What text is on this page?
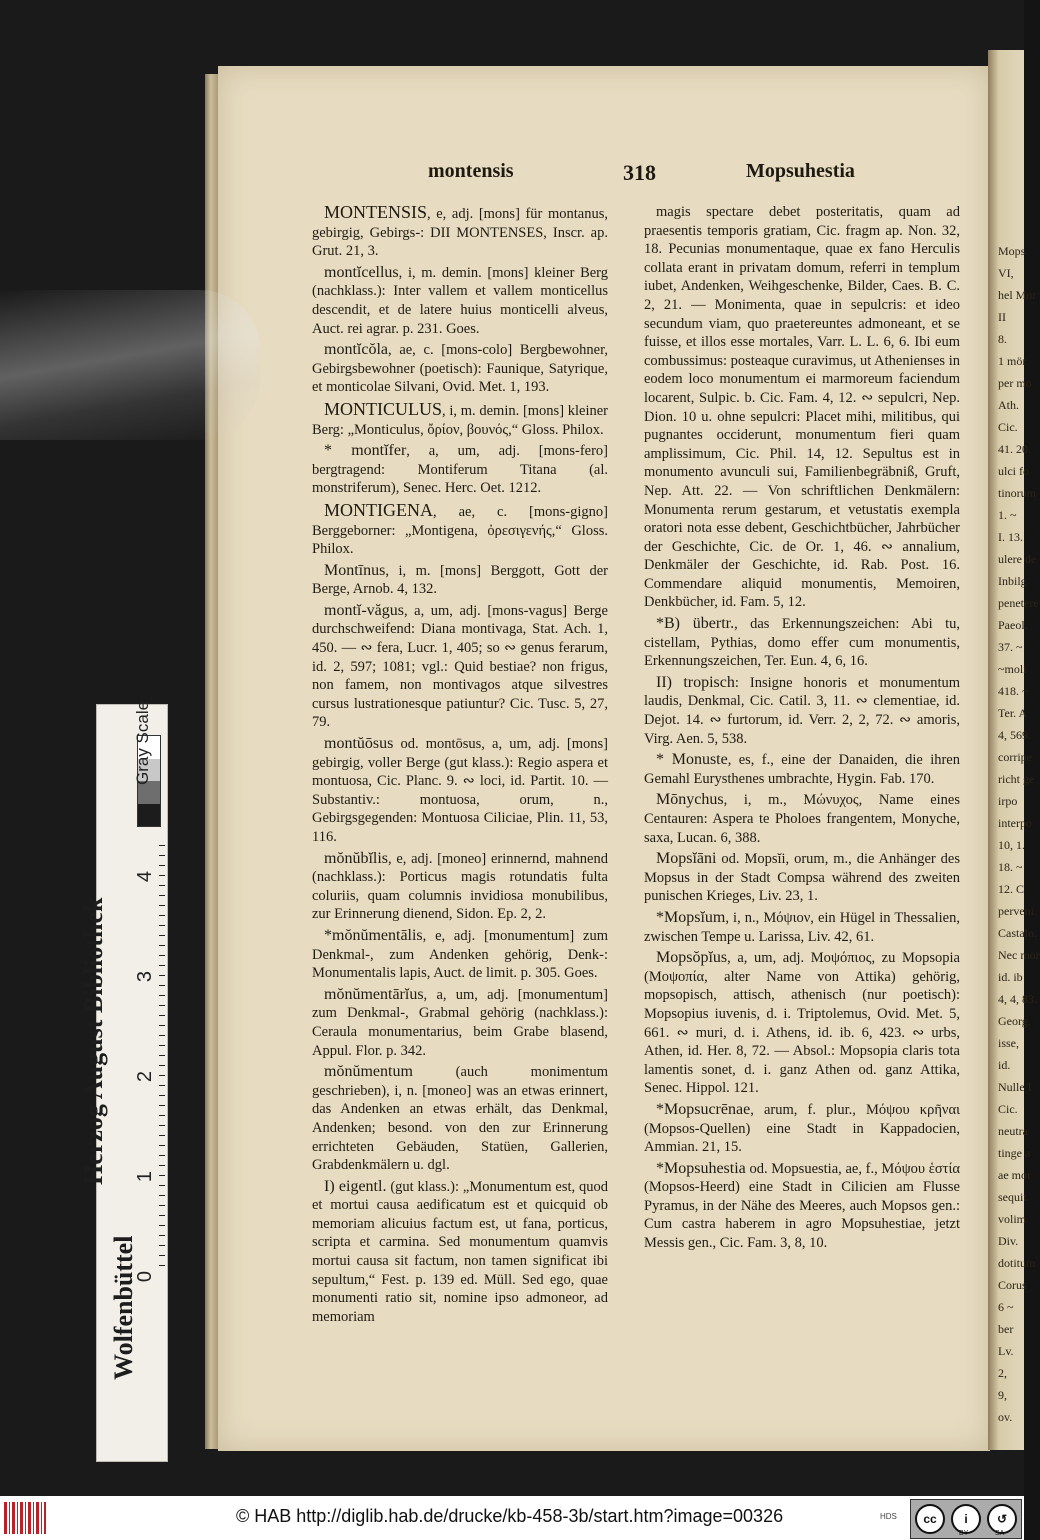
Mops
VI,
hel Mor
II
8.
1 mör
per mo
Ath.
Cic.
41. 20.
ulci fo
tinorum
1. ~
I. 13.
ulere de
Inbilg
penetere
Paeol.
37. ~
~moli
418. ~
Ter. A
4, 569.
corripe
richt ge
irpo
interpo
10, 1.
18. ~
12. C
perveni
Castalo.
Nec mor
id. ib
4, 4, 83.
Georg.
isse,
id.
Nulle I
Cic.
neutra
tinge a
ae mor
sequit.
volim
Div.
dotitum
Corus
6 ~
ber
Lv.
2,
9,
ov.
montensis	318	Mopsuhestia

MONTENSIS, e, adj. [mons] für montanus, gebirgig, Gebirgs-: DII MONTENSES, Inscr. ap. Grut. 21, 3.

montĭcellus, i, m. demin. [mons] kleiner Berg (nachklass.): Inter vallem et vallem monticellus descendit, et de latere huius monticelli alveus, Auct. rei agrar. p. 231. Goes.

montĭcŏla, ae, c. [mons-colo] Bergbewohner, Gebirgsbewohner (poetisch): Faunique, Satyrique, et monticolae Silvani, Ovid. Met. 1, 193.

MONTICULUS, i, m. demin. [mons] kleiner Berg: „Monticulus, ὄρίον, βουνός,“ Gloss. Philox.

* montĭfer, a, um, adj. [mons-fero] bergtragend: Montiferum Titana (al. monstriferum), Senec. Herc. Oet. 1212.

MONTIGENA, ae, c. [mons-gigno] Berggeborner: „Montigena, ὀρεσιγενής,“ Gloss. Philox.

Montīnus, i, m. [mons] Berggott, Gott der Berge, Arnob. 4, 132.

montĭ-văgus, a, um, adj. [mons-vagus] Berge durchschweifend: Diana montivaga, Stat. Ach. 1, 450. — ∾ fera, Lucr. 1, 405; so ∾ genus ferarum, id. 2, 597; 1081; vgl.: Quid bestiae? non frigus, non famem, non montivagos atque silvestres cursus lustrationesque patiuntur? Cic. Tusc. 5, 27, 79.

montŭōsus od. montōsus, a, um, adj. [mons] gebirgig, voller Berge (gut klass.): Regio aspera et montuosa, Cic. Planc. 9. ∾ loci, id. Partit. 10. — Substantiv.: montuosa, orum, n., Gebirgsgegenden: Montuosa Ciliciae, Plin. 11, 53, 116.

mŏnŭbĭlis, e, adj. [moneo] erinnernd, mahnend (nachklass.): Porticus magis rotundatis fulta coluriis, quam columnis invidiosa monubilibus, zur Erinnerung dienend, Sidon. Ep. 2, 2.

*mŏnŭmentālis, e, adj. [monumentum] zum Denkmal-, zum Andenken gehörig, Denk-: Monumentalis lapis, Auct. de limit. p. 305. Goes.

mŏnŭmentārĭus, a, um, adj. [monumentum] zum Denkmal-, Grabmal gehörig (nachklass.): Ceraula monumentarius, beim Grabe blasend, Appul. Flor. p. 342.

mŏnŭmentum (auch monimentum geschrieben), i, n. [moneo] was an etwas erinnert, das Andenken an etwas erhält, das Denkmal, Andenken; besond. von den zur Erinnerung errichteten Gebäuden, Statüen, Gallerien, Grabdenkmälern u. dgl.

I) eigentl. (gut klass.): „Monumentum est, quod et mortui causa aedificatum est et quicquid ob memoriam alicuius factum est, ut fana, porticus, scripta et carmina. Sed monumentum quamvis mortui causa sit factum, non tamen significat ibi sepultum,“ Fest. p. 139 ed. Müll. Sed ego, quae monumenti ratio sit, nomine ipso admoneor, ad memoriam

magis spectare debet posteritatis, quam ad praesentis temporis gratiam, Cic. fragm ap. Non. 32, 18. Pecunias monumentaque, quae ex fano Herculis collata erant in privatam domum, referri in templum iubet, Andenken, Weihgeschenke, Bilder, Caes. B. C. 2, 21. — Monimenta, quae in sepulcris: et ideo secundum viam, quo praetereuntes admoneant, et se fuisse, et illos esse mortales, Varr. L. L. 6, 6. Ibi eum combussimus: posteaque curavimus, ut Athenienses in eodem loco monumentum ei marmoreum faciendum locarent, Sulpic. b. Cic. Fam. 4, 12. ∾ sepulcri, Nep. Dion. 10 u. ohne sepulcri: Placet mihi, militibus, qui pugnantes occiderunt, monumentum fieri quam amplissimum, Cic. Phil. 14, 12. Sepultus est in monumento avunculi sui, Familienbegräbniß, Gruft, Nep. Att. 22. — Von schriftlichen Denkmälern: Monumenta rerum gestarum, et vetustatis exempla oratori nota esse debent, Geschichtbücher, Jahrbücher der Geschichte, Cic. de Or. 1, 46. ∾ annalium, Denkmäler der Geschichte, id. Rab. Post. 16. Commendare aliquid monumentis, Memoiren, Denkbücher, id. Fam. 5, 12.

*B) übertr., das Erkennungszeichen: Abi tu, cistellam, Pythias, domo effer cum monumentis, Erkennungszeichen, Ter. Eun. 4, 6, 16.

II) tropisch: Insigne honoris et monumentum laudis, Denkmal, Cic. Catil. 3, 11. ∾ clementiae, id. Dejot. 14. ∾ furtorum, id. Verr. 2, 2, 72. ∾ amoris, Virg. Aen. 5, 538.

* Monuste, es, f., eine der Danaiden, die ihren Gemahl Eurysthenes umbrachte, Hygin. Fab. 170.

Mōnychus, i, m., Μώνυχος, Name eines Centauren: Aspera te Pholoes frangentem, Monyche, saxa, Lucan. 6, 388.

Mopsĭāni od. Mopsĭi, orum, m., die Anhänger des Mopsus in der Stadt Compsa während des zweiten punischen Krieges, Liv. 23, 1.

*Mopsĭum, i, n., Μόψιον, ein Hügel in Thessalien, zwischen Tempe u. Larissa, Liv. 42, 61.

Mopsŏpĭus, a, um, adj. Μοψόπιος, zu Mopsopia (Μοψοπία, alter Name von Attika) gehörig, mopsopisch, attisch, athenisch (nur poetisch): Mopsopius iuvenis, d. i. Triptolemus, Ovid. Met. 5, 661. ∾ muri, d. i. Athens, id. ib. 6, 423. ∾ urbs, Athen, id. Her. 8, 72. — Absol.: Mopsopia claris tota lamentis sonet, d. i. ganz Athen od. ganz Attika, Senec. Hippol. 121.

*Mopsucrēnae, arum, f. plur., Μόψου κρῆναι (Mopsos-Quellen) eine Stadt in Kappadocien, Ammian. 21, 15.

*Mopsuhestia od. Mopsuestia, ae, f., Μόψου ἑστία (Mopsos-Heerd) eine Stadt in Cilicien am Flusse Pyramus, in der Nähe des Meeres, auch Mopsos gen.: Cum castra haberem in agro Mopsuhestiae, jetzt Messis gen., Cic. Fam. 3, 8, 10.

Gray Scale
0
1
2
3
4
Herzog August Bibliothek
Wolfenbüttel
© HAB http://diglib.hab.de/drucke/kb-458-3b/start.htm?image=00326	HDS	cc	i	↺
BY	SA
